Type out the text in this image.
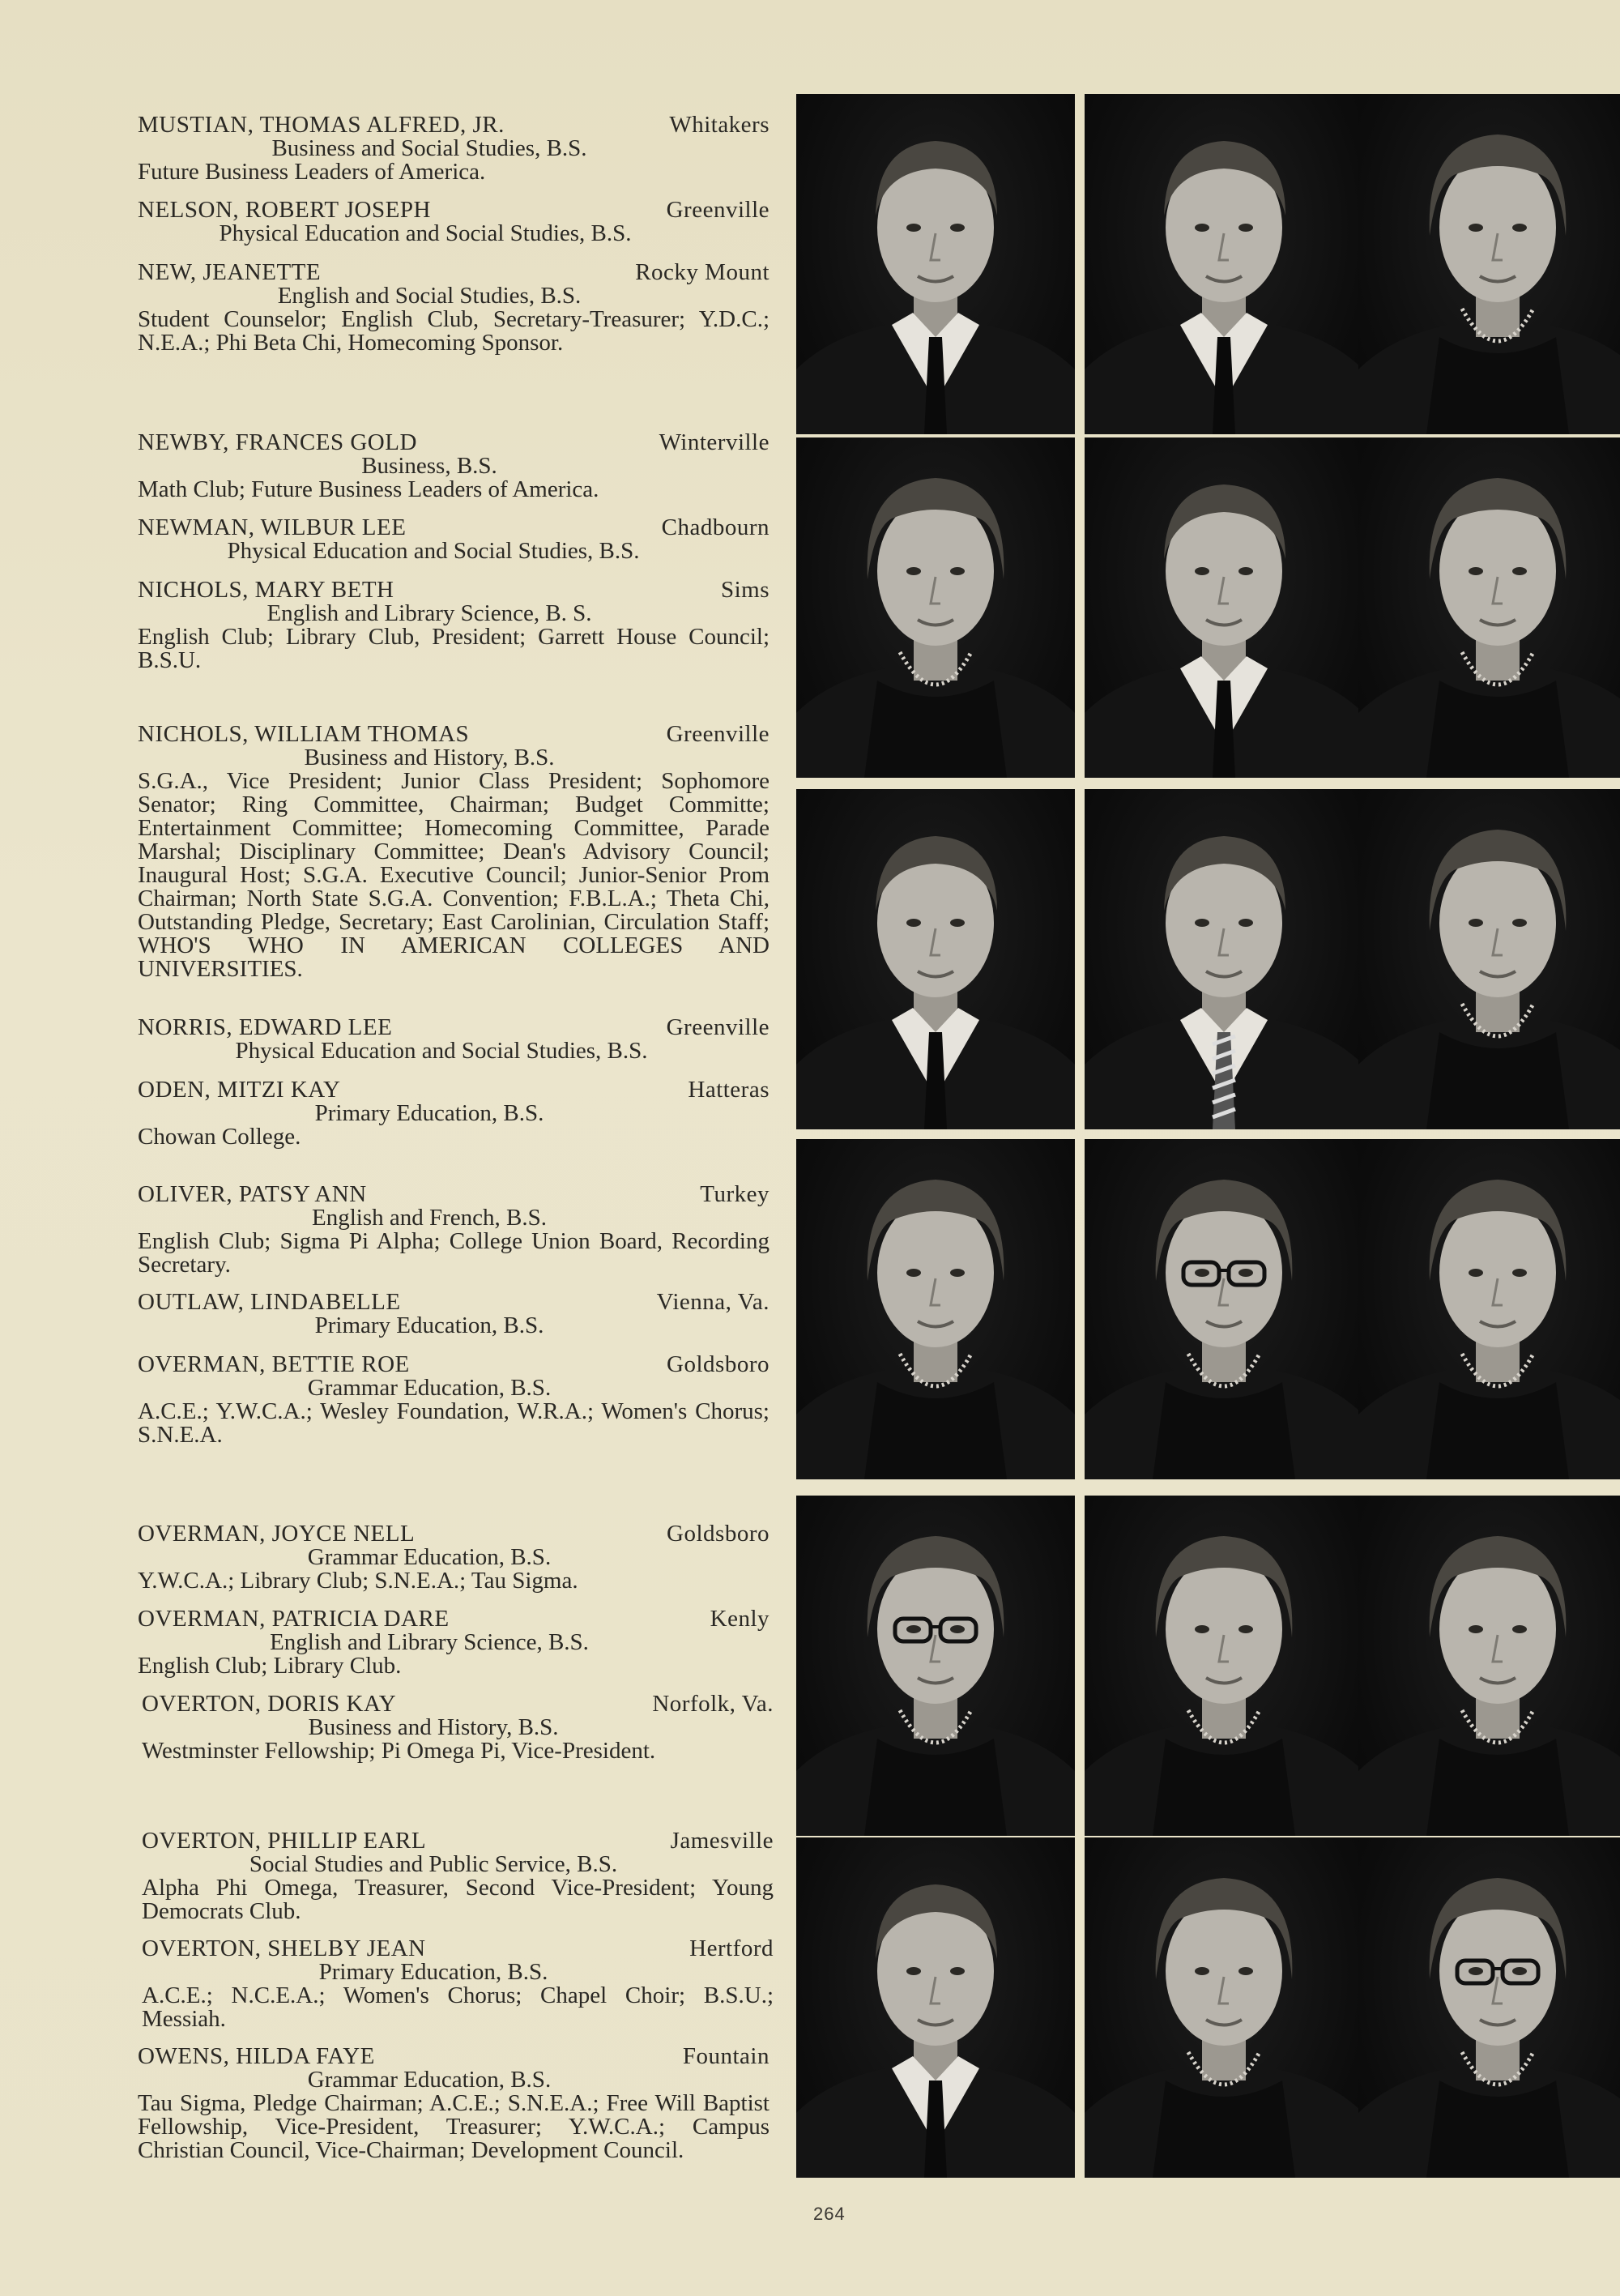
MUSTIAN, THOMAS ALFRED, JR.	Whitakers
Business and Social Studies, B.S.
Future Business Leaders of America.
NELSON, ROBERT JOSEPH	Greenville
Physical Education and Social Studies, B.S.
NEW, JEANETTE	Rocky Mount
English and Social Studies, B.S.
Student Counselor; English Club, Secretary-Treasurer; Y.D.C.; N.E.A.; Phi Beta Chi, Homecoming Sponsor.
NEWBY, FRANCES GOLD	Winterville
Business, B.S.
Math Club; Future Business Leaders of America.
NEWMAN, WILBUR LEE	Chadbourn
Physical Education and Social Studies, B.S.
NICHOLS, MARY BETH	Sims
English and Library Science, B. S.
English Club; Library Club, President; Garrett House Council; B.S.U.
NICHOLS, WILLIAM THOMAS	Greenville
Business and History, B.S.
S.G.A., Vice President; Junior Class President; Sophomore Senator; Ring Committee, Chairman; Budget Committe; Entertainment Committee; Homecoming Committee, Parade Marshal; Disciplinary Committee; Dean's Advisory Council; Inaugural Host; S.G.A. Executive Council; Junior-Senior Prom Chairman; North State S.G.A. Convention; F.B.L.A.; Theta Chi, Outstanding Pledge, Secretary; East Carolinian, Circulation Staff; WHO'S WHO IN AMERICAN COLLEGES AND UNIVERSITIES.
NORRIS, EDWARD LEE	Greenville
Physical Education and Social Studies, B.S.
ODEN, MITZI KAY	Hatteras
Primary Education, B.S.
Chowan College.
OLIVER, PATSY ANN	Turkey
English and French, B.S.
English Club; Sigma Pi Alpha; College Union Board, Recording Secretary.
OUTLAW, LINDABELLE	Vienna, Va.
Primary Education, B.S.
OVERMAN, BETTIE ROE	Goldsboro
Grammar Education, B.S.
A.C.E.; Y.W.C.A.; Wesley Foundation, W.R.A.; Women's Chorus; S.N.E.A.
OVERMAN, JOYCE NELL	Goldsboro
Grammar Education, B.S.
Y.W.C.A.; Library Club; S.N.E.A.; Tau Sigma.
OVERMAN, PATRICIA DARE	Kenly
English and Library Science, B.S.
English Club; Library Club.
OVERTON, DORIS KAY	Norfolk, Va.
Business and History, B.S.
Westminster Fellowship; Pi Omega Pi, Vice-President.
OVERTON, PHILLIP EARL	Jamesville
Social Studies and Public Service, B.S.
Alpha Phi Omega, Treasurer, Second Vice-President; Young Democrats Club.
OVERTON, SHELBY JEAN	Hertford
Primary Education, B.S.
A.C.E.; N.C.E.A.; Women's Chorus; Chapel Choir; B.S.U.; Messiah.
OWENS, HILDA FAYE	Fountain
Grammar Education, B.S.
Tau Sigma, Pledge Chairman; A.C.E.; S.N.E.A.; Free Will Baptist Fellowship, Vice-President, Treasurer; Y.W.C.A.; Campus Christian Council, Vice-Chairman; Development Council.
264
